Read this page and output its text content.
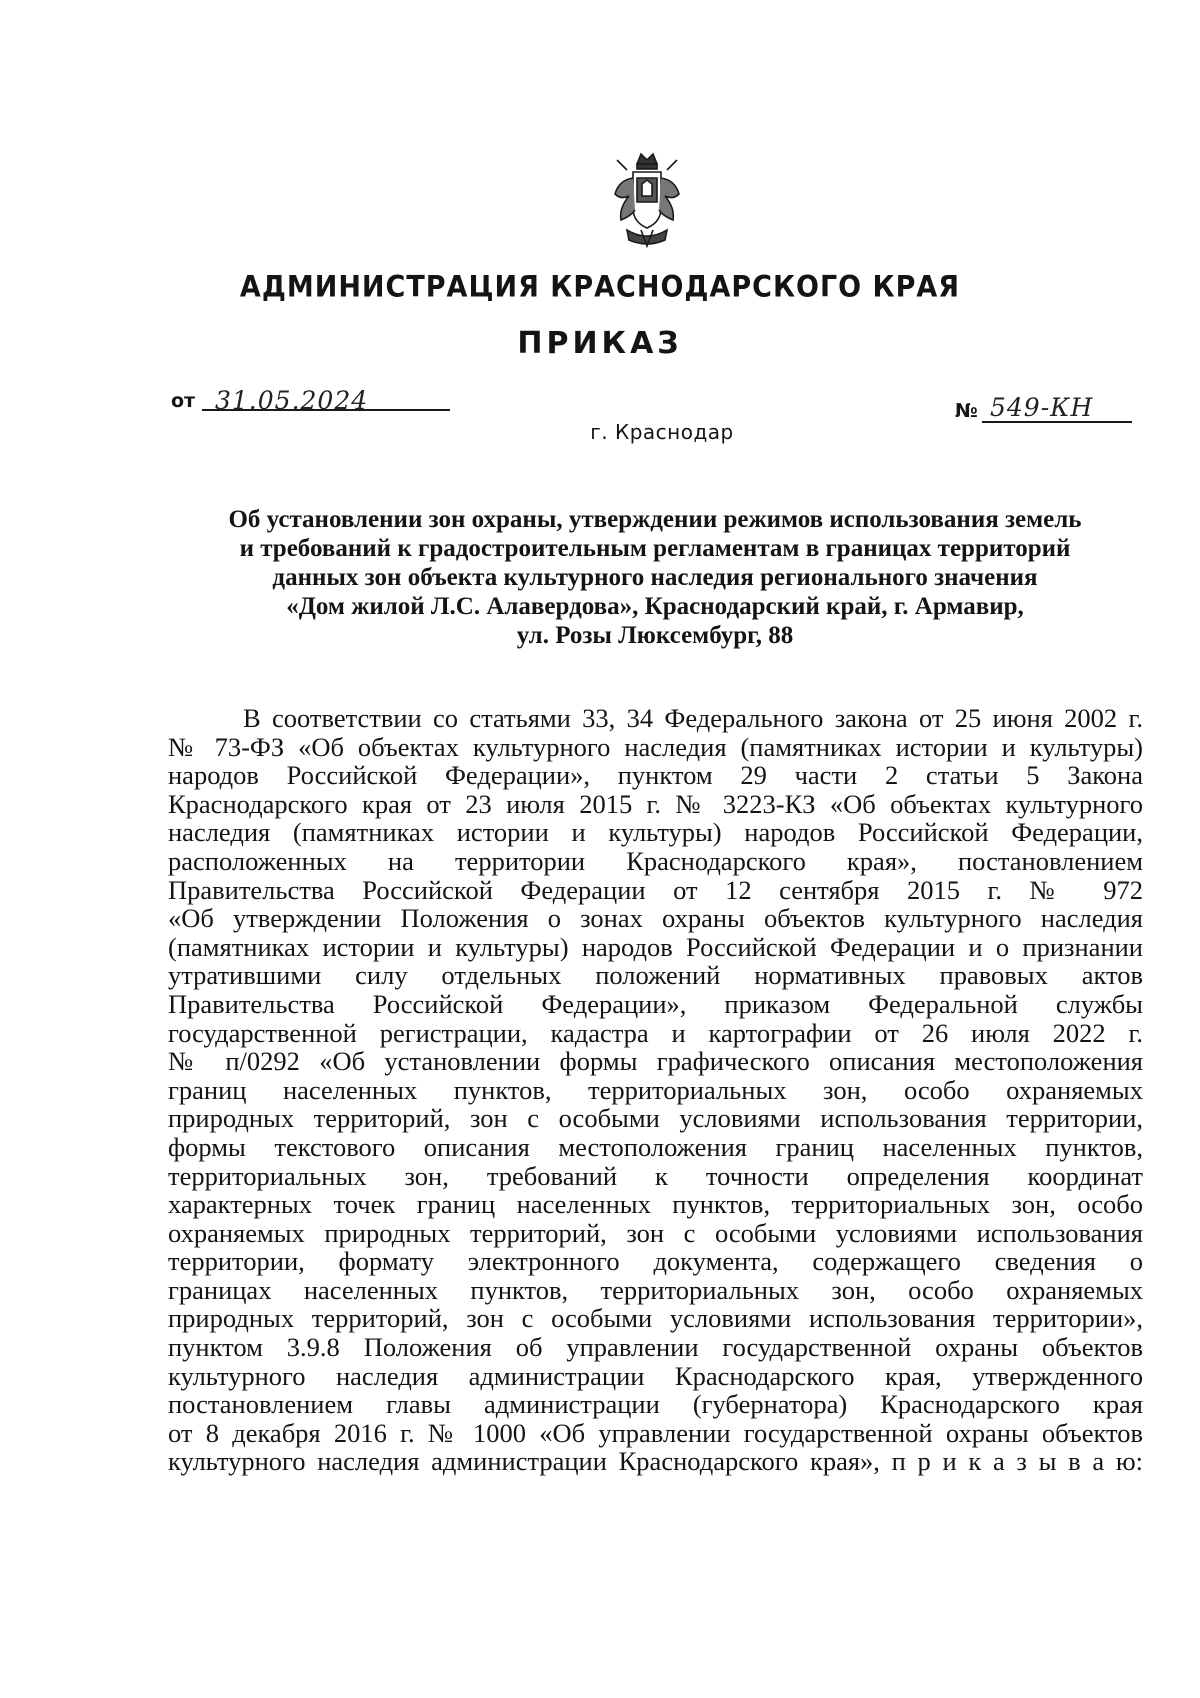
АДМИНИСТРАЦИЯ КРАСНОДАРСКОГО КРАЯ
ПРИКАЗ
от 31.05.2024	№ 549-КН
г. Краснодар
Об установлении зон охраны, утверждении режимов использования земель
и требований к градостроительным регламентам в границах территорий
данных зон объекта культурного наследия регионального значения
«Дом жилой Л.С. Алавердова», Краснодарский край, г. Армавир,
ул. Розы Люксембург, 88
В соответствии со статьями 33, 34 Федерального закона от 25 июня 2002 г.
№ 73-ФЗ «Об объектах культурного наследия (памятниках истории и культуры)
народов Российской Федерации», пунктом 29 части 2 статьи 5 Закона
Краснодарского края от 23 июля 2015 г. № 3223-КЗ «Об объектах культурного
наследия (памятниках истории и культуры) народов Российской Федерации,
расположенных на территории Краснодарского края», постановлением
Правительства Российской Федерации от 12 сентября 2015 г. № 972
«Об утверждении Положения о зонах охраны объектов культурного наследия
(памятниках истории и культуры) народов Российской Федерации и о признании
утратившими силу отдельных положений нормативных правовых актов
Правительства Российской Федерации», приказом Федеральной службы
государственной регистрации, кадастра и картографии от 26 июля 2022 г.
№ п/0292 «Об установлении формы графического описания местоположения
границ населенных пунктов, территориальных зон, особо охраняемых
природных территорий, зон с особыми условиями использования территории,
формы текстового описания местоположения границ населенных пунктов,
территориальных зон, требований к точности определения координат
характерных точек границ населенных пунктов, территориальных зон, особо
охраняемых природных территорий, зон с особыми условиями использования
территории, формату электронного документа, содержащего сведения о
границах населенных пунктов, территориальных зон, особо охраняемых
природных территорий, зон с особыми условиями использования территории»,
пунктом 3.9.8 Положения об управлении государственной охраны объектов
культурного наследия администрации Краснодарского края, утвержденного
постановлением главы администрации (губернатора) Краснодарского края
от 8 декабря 2016 г. № 1000 «Об управлении государственной охраны объектов
культурного наследия администрации Краснодарского края», п р и к а з ы в а ю:
